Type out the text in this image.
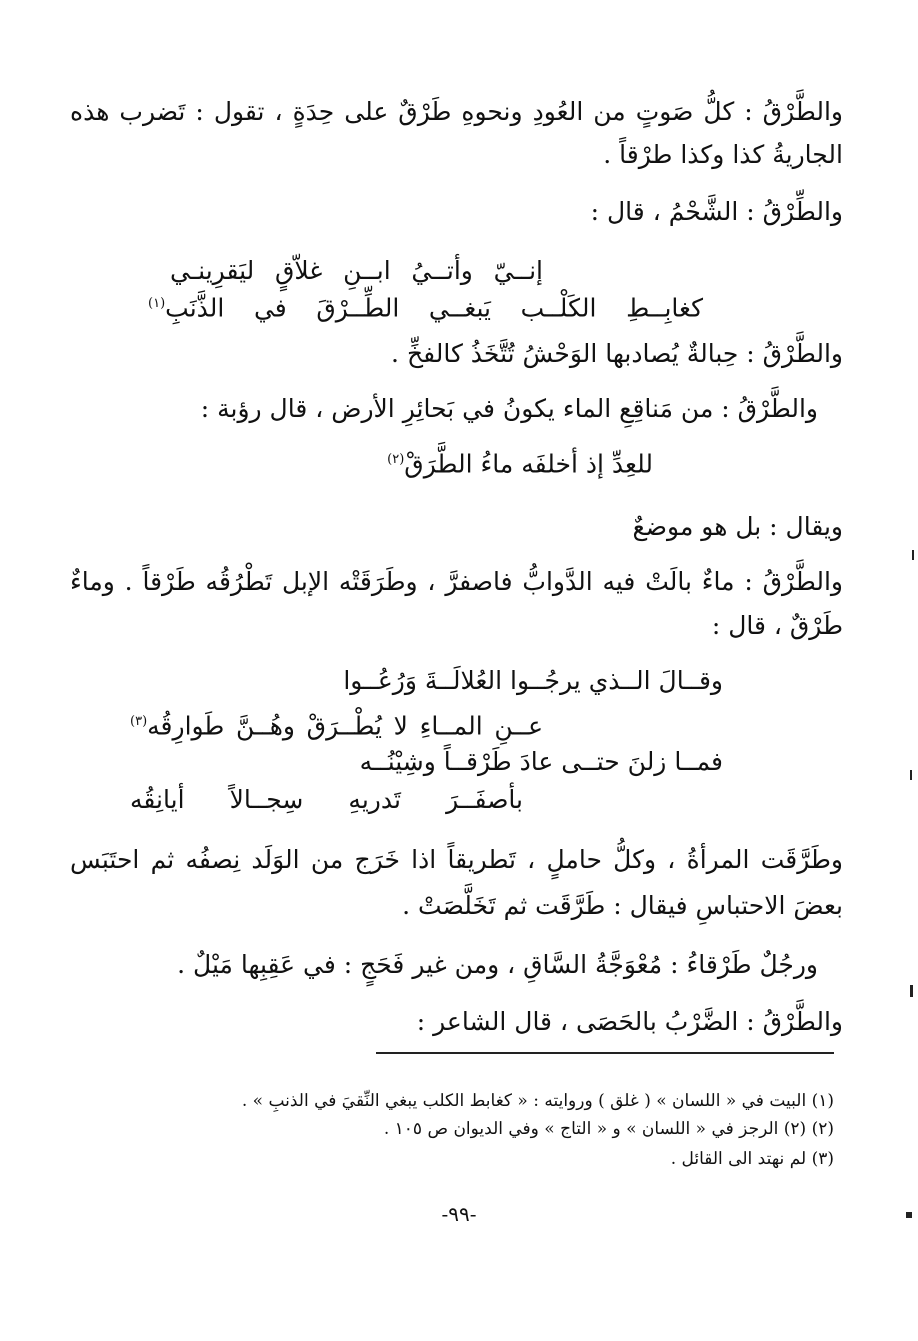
والطَّرْقُ : كلُّ صَوتٍ من العُودِ ونحوهِ طَرْقٌ على حِدَةٍ ، تقول : تَضرب هذه
الجاريةُ كذا وكذا طرْقاً .
والطِّرْقُ : الشَّحْمُ ، قال :
إنــيّ وأتــيُ ابــنِ غلاّقٍ ليَقرِينـي
كغابِــطِ الكَلْــب يَبغــي الطِّــرْقَ في الذَّنَبِ$^{(١)}$
والطَّرْقُ : حِبالةٌ يُصادبها الوَحْشُ تُتَّخَذُ كالفخِّ .
والطَّرْقُ : من مَناقِعِ الماء يكونُ في بَحائِرِ الأرض ، قال رؤبة :
للعِدِّ إذ أخلفَه ماءُ الطَّرَقْ$^{(٢)}$
ويقال : بل هو موضعٌ
والطَّرْقُ : ماءٌ بالَتْ فيه الدَّوابُّ فاصفرَّ ، وطَرَقَتْه الإبل تَطْرُقُه طَرْقاً . وماءٌ
طَرْقٌ ، قال :
وقــالَ الــذي يرجُــوا العُلالَــةَ وَرُعُــوا
عــنِ المــاءِ لا يُطْــرَقْ وهُــنَّ طَوارِقُه$^{(٣)}$
فمــا زلنَ حتــى عادَ طَرْقــاً وشِيْنُــه
بأصفَــرَ تَدريهِ سِجــالاً أيانِقُه
وطَرَّقَت المرأةُ ، وكلُّ حاملٍ ، تَطريقاً اذا خَرَج من الوَلَد نِصفُه ثم احتَبَس
بعضَ الاحتباسِ فيقال : طَرَّقَت ثم تَخَلَّصَتْ .
ورجُلٌ طَرْقاءُ : مُعْوَجَّةُ السَّاقِ ، ومن غير فَحَجٍ : في عَقِبِها مَيْلٌ .
والطَّرْقُ : الضَّرْبُ بالحَصَى ، قال الشاعر :
(١) البيت في « اللسان » ( غلق ) وروايته : « كغابط الكلب يبغي النِّقيَ في الذنبِ » .
(٢) (٢) الرجز في « اللسان » و « التاج » وفي الديوان ص ١٠٥ .
(٣) لم نهتد الى القائل .
-٩٩-
